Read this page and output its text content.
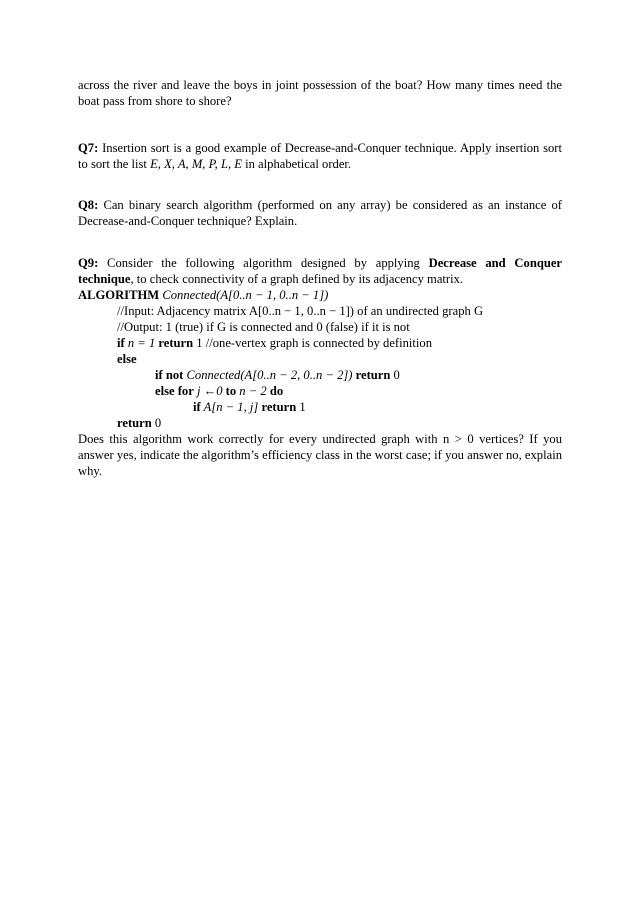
across the river and leave the boys in joint possession of the boat? How many times need the boat pass from shore to shore?

Q7: Insertion sort is a good example of Decrease-and-Conquer technique. Apply insertion sort to sort the list E, X, A, M, P, L, E in alphabetical order.

Q8: Can binary search algorithm (performed on any array) be considered as an instance of Decrease-and-Conquer technique? Explain.

Q9: Consider the following algorithm designed by applying Decrease and Conquer technique, to check connectivity of a graph defined by its adjacency matrix.

ALGORITHM Connected(A[0..n − 1, 0..n − 1])

//Input: Adjacency matrix A[0..n − 1, 0..n − 1]) of an undirected graph G

//Output: 1 (true) if G is connected and 0 (false) if it is not

if n = 1 return 1 //one-vertex graph is connected by definition

else

if not Connected(A[0..n − 2, 0..n − 2]) return 0

else for j ←0 to n − 2 do

if A[n − 1, j] return 1

return 0

Does this algorithm work correctly for every undirected graph with n > 0 vertices? If you answer yes, indicate the algorithm’s efficiency class in the worst case; if you answer no, explain why.
